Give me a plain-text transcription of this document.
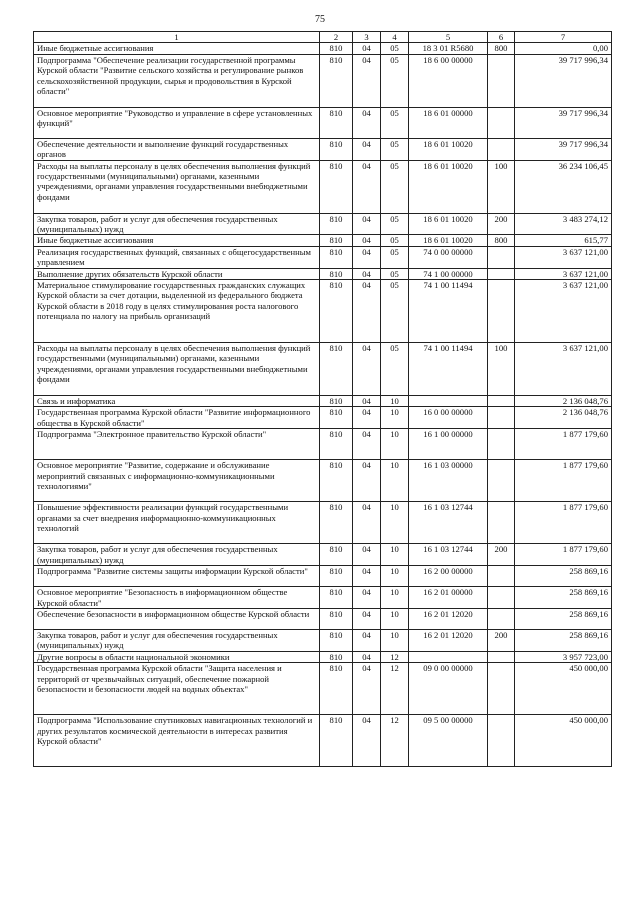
75
1	2	3	4	5	6	7
Иные бюджетные ассигнования	810	04	05	18 3 01 R5680	800	0,00
Подпрограмма "Обеспечение реализации государственной программы Курской области "Развитие сельского хозяйства и регулирование рынков сельскохозяйственной продукции, сырья и продовольствия в Курской области"	810	04	05	18 6 00 00000		39 717 996,34
Основное мероприятие "Руководство и управление в сфере установленных функций"	810	04	05	18 6 01 00000		39 717 996,34
Обеспечение деятельности и выполнение функций государственных органов	810	04	05	18 6 01 10020		39 717 996,34
Расходы на выплаты персоналу в целях обеспечения выполнения функций государственными (муниципальными) органами, казенными учреждениями, органами управления государственными внебюджетными фондами	810	04	05	18 6 01 10020	100	36 234 106,45
Закупка товаров, работ и услуг для обеспечения государственных (муниципальных) нужд	810	04	05	18 6 01 10020	200	3 483 274,12
Иные бюджетные ассигнования	810	04	05	18 6 01 10020	800	615,77
Реализация государственных функций, связанных с общегосударственным управлением	810	04	05	74 0 00 00000		3 637 121,00
Выполнение других обязательств Курской области	810	04	05	74 1 00 00000		3 637 121,00
Материальное стимулирование государственных гражданских служащих Курской области за счет дотации, выделенной из федерального бюджета Курской области в 2018 году в целях стимулирования роста налогового потенциала по налогу на прибыль организаций	810	04	05	74 1 00 11494		3 637 121,00
Расходы на выплаты персоналу в целях обеспечения выполнения функций государственными (муниципальными) органами, казенными учреждениями, органами управления государственными внебюджетными фондами	810	04	05	74 1 00 11494	100	3 637 121,00
Связь и информатика	810	04	10			2 136 048,76
Государственная программа Курской области "Развитие информационного общества в Курской области"	810	04	10	16 0 00 00000		2 136 048,76
Подпрограмма "Электронное правительство Курской области"	810	04	10	16 1 00 00000		1 877 179,60
Основное мероприятие "Развитие, содержание и обслуживание мероприятий связанных с информационно-коммуникационными технологиями"	810	04	10	16 1 03 00000		1 877 179,60
Повышение эффективности реализации функций государственными органами за счет внедрения информационно-коммуникационных технологий	810	04	10	16 1 03 12744		1 877 179,60
Закупка товаров, работ и услуг для обеспечения государственных (муниципальных) нужд	810	04	10	16 1 03 12744	200	1 877 179,60
Подпрограмма "Развитие системы защиты информации Курской области"	810	04	10	16 2 00 00000		258 869,16
Основное мероприятие "Безопасность в информационном обществе Курской области"	810	04	10	16 2 01 00000		258 869,16
Обеспечение безопасности в информационном обществе Курской области	810	04	10	16 2 01 12020		258 869,16
Закупка товаров, работ и услуг для обеспечения государственных (муниципальных) нужд	810	04	10	16 2 01 12020	200	258 869,16
Другие вопросы в области национальной экономики	810	04	12			3 957 723,00
Государственная программа Курской области "Защита населения и территорий от чрезвычайных ситуаций, обеспечение пожарной безопасности и безопасности людей на водных объектах"	810	04	12	09 0 00 00000		450 000,00
Подпрограмма "Использование спутниковых навигационных технологий и других результатов космической деятельности в интересах развития Курской области"	810	04	12	09 5 00 00000		450 000,00
